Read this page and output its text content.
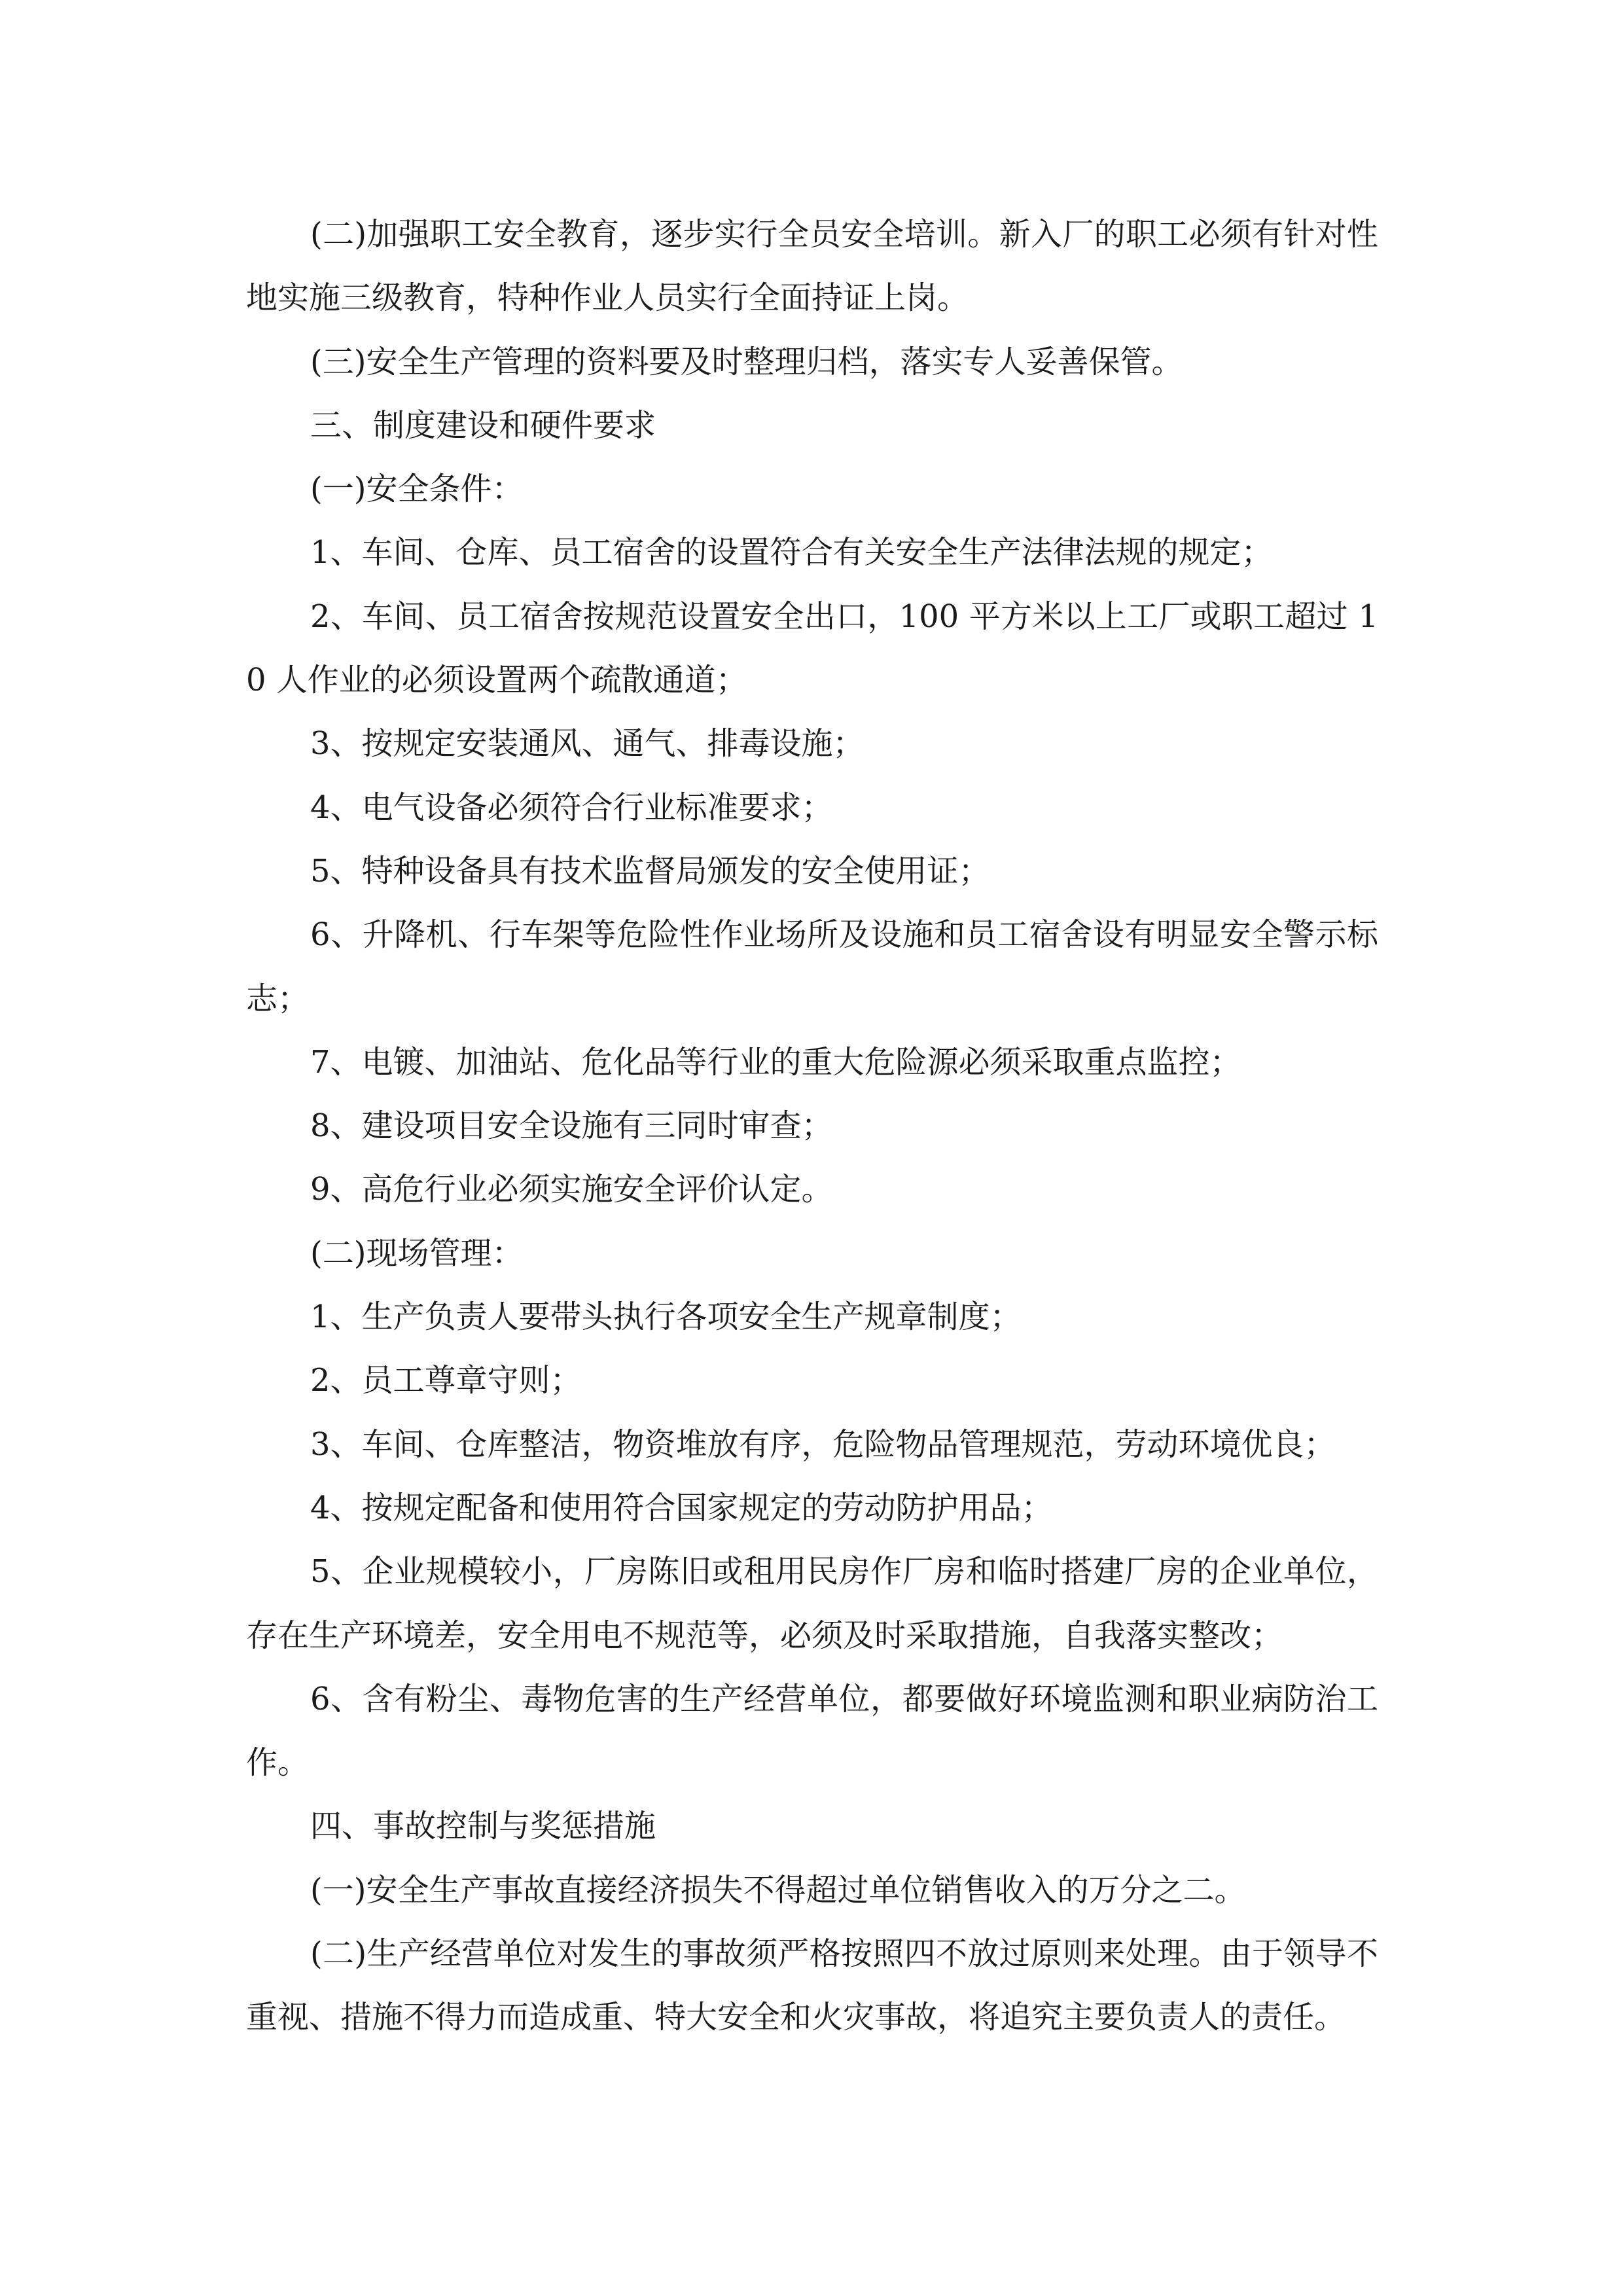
(二)加强职工安全教育，逐步实行全员安全培训。新入厂的职工必须有针对性地实施三级教育，特种作业人员实行全面持证上岗。

(三)安全生产管理的资料要及时整理归档，落实专人妥善保管。

三、制度建设和硬件要求

(一)安全条件：

1、车间、仓库、员工宿舍的设置符合有关安全生产法律法规的规定；

2、车间、员工宿舍按规范设置安全出口，100 平方米以上工厂或职工超过 10 人作业的必须设置两个疏散通道；

3、按规定安装通风、通气、排毒设施；

4、电气设备必须符合行业标准要求；

5、特种设备具有技术监督局颁发的安全使用证；

6、升降机、行车架等危险性作业场所及设施和员工宿舍设有明显安全警示标志；

7、电镀、加油站、危化品等行业的重大危险源必须采取重点监控；

8、建设项目安全设施有三同时审查；

9、高危行业必须实施安全评价认定。

(二)现场管理：

1、生产负责人要带头执行各项安全生产规章制度；

2、员工尊章守则；

3、车间、仓库整洁，物资堆放有序，危险物品管理规范，劳动环境优良；

4、按规定配备和使用符合国家规定的劳动防护用品；

5、企业规模较小，厂房陈旧或租用民房作厂房和临时搭建厂房的企业单位，存在生产环境差，安全用电不规范等，必须及时采取措施，自我落实整改；

6、含有粉尘、毒物危害的生产经营单位，都要做好环境监测和职业病防治工作。

四、事故控制与奖惩措施

(一)安全生产事故直接经济损失不得超过单位销售收入的万分之二。

(二)生产经营单位对发生的事故须严格按照四不放过原则来处理。由于领导不重视、措施不得力而造成重、特大安全和火灾事故，将追究主要负责人的责任。
